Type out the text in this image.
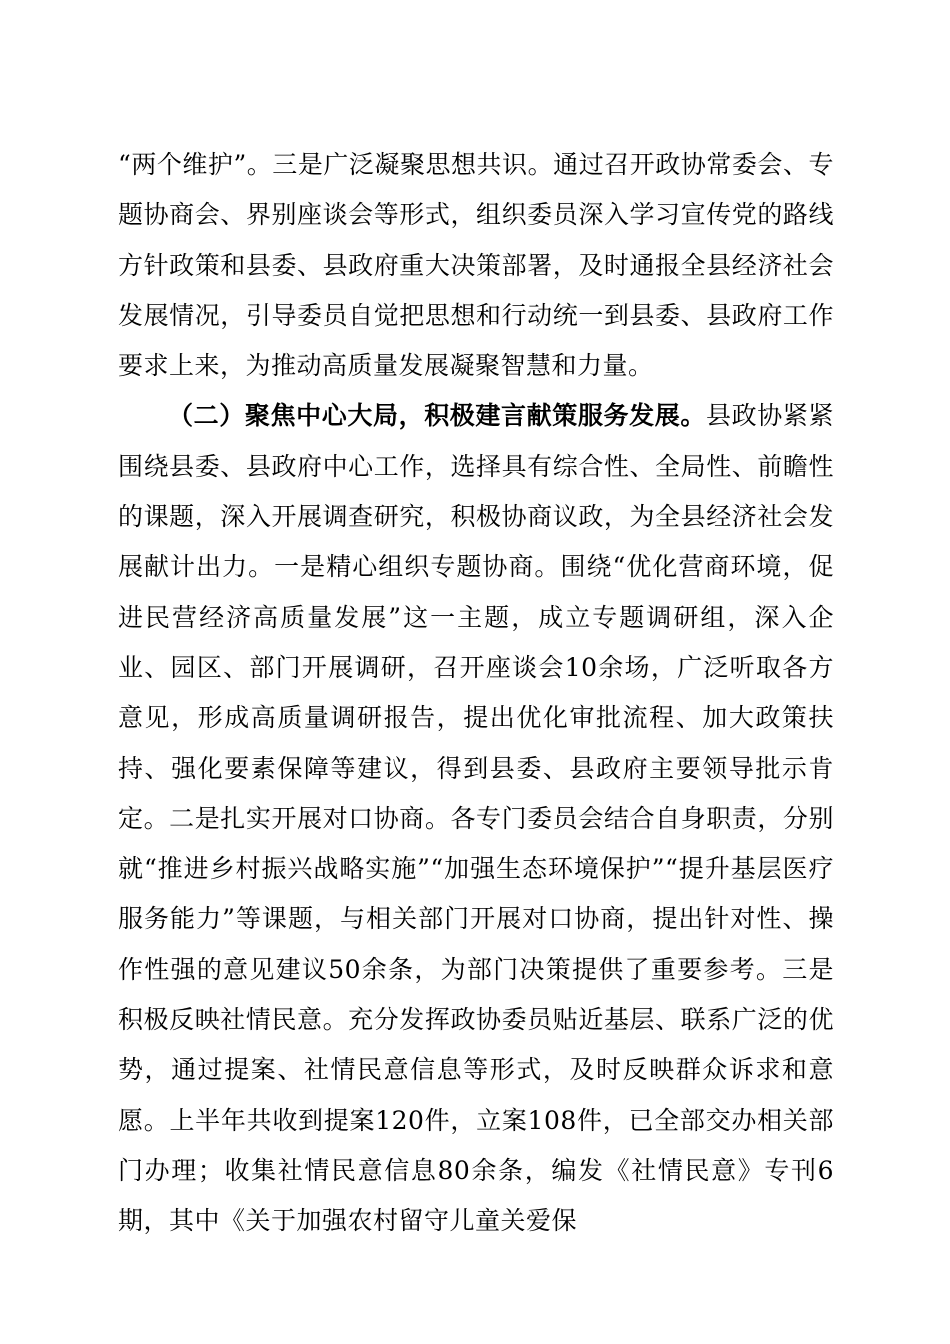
“两个维护”。三是广泛凝聚思想共识。通过召开政协常委会、专题协商会、界别座谈会等形式，组织委员深入学习宣传党的路线方针政策和县委、县政府重大决策部署，及时通报全县经济社会发展情况，引导委员自觉把思想和行动统一到县委、县政府工作要求上来，为推动高质量发展凝聚智慧和力量。

（二）聚焦中心大局，积极建言献策服务发展。县政协紧紧围绕县委、县政府中心工作，选择具有综合性、全局性、前瞻性的课题，深入开展调查研究，积极协商议政，为全县经济社会发展献计出力。一是精心组织专题协商。围绕“优化营商环境，促进民营经济高质量发展”这一主题，成立专题调研组，深入企业、园区、部门开展调研，召开座谈会10余场，广泛听取各方意见，形成高质量调研报告，提出优化审批流程、加大政策扶持、强化要素保障等建议，得到县委、县政府主要领导批示肯定。二是扎实开展对口协商。各专门委员会结合自身职责，分别就“推进乡村振兴战略实施”“加强生态环境保护”“提升基层医疗服务能力”等课题，与相关部门开展对口协商，提出针对性、操作性强的意见建议50余条，为部门决策提供了重要参考。三是积极反映社情民意。充分发挥政协委员贴近基层、联系广泛的优势，通过提案、社情民意信息等形式，及时反映群众诉求和意愿。上半年共收到提案120件，立案108件，已全部交办相关部门办理；收集社情民意信息80余条，编发《社情民意》专刊6期，其中《关于加强农村留守儿童关爱保
